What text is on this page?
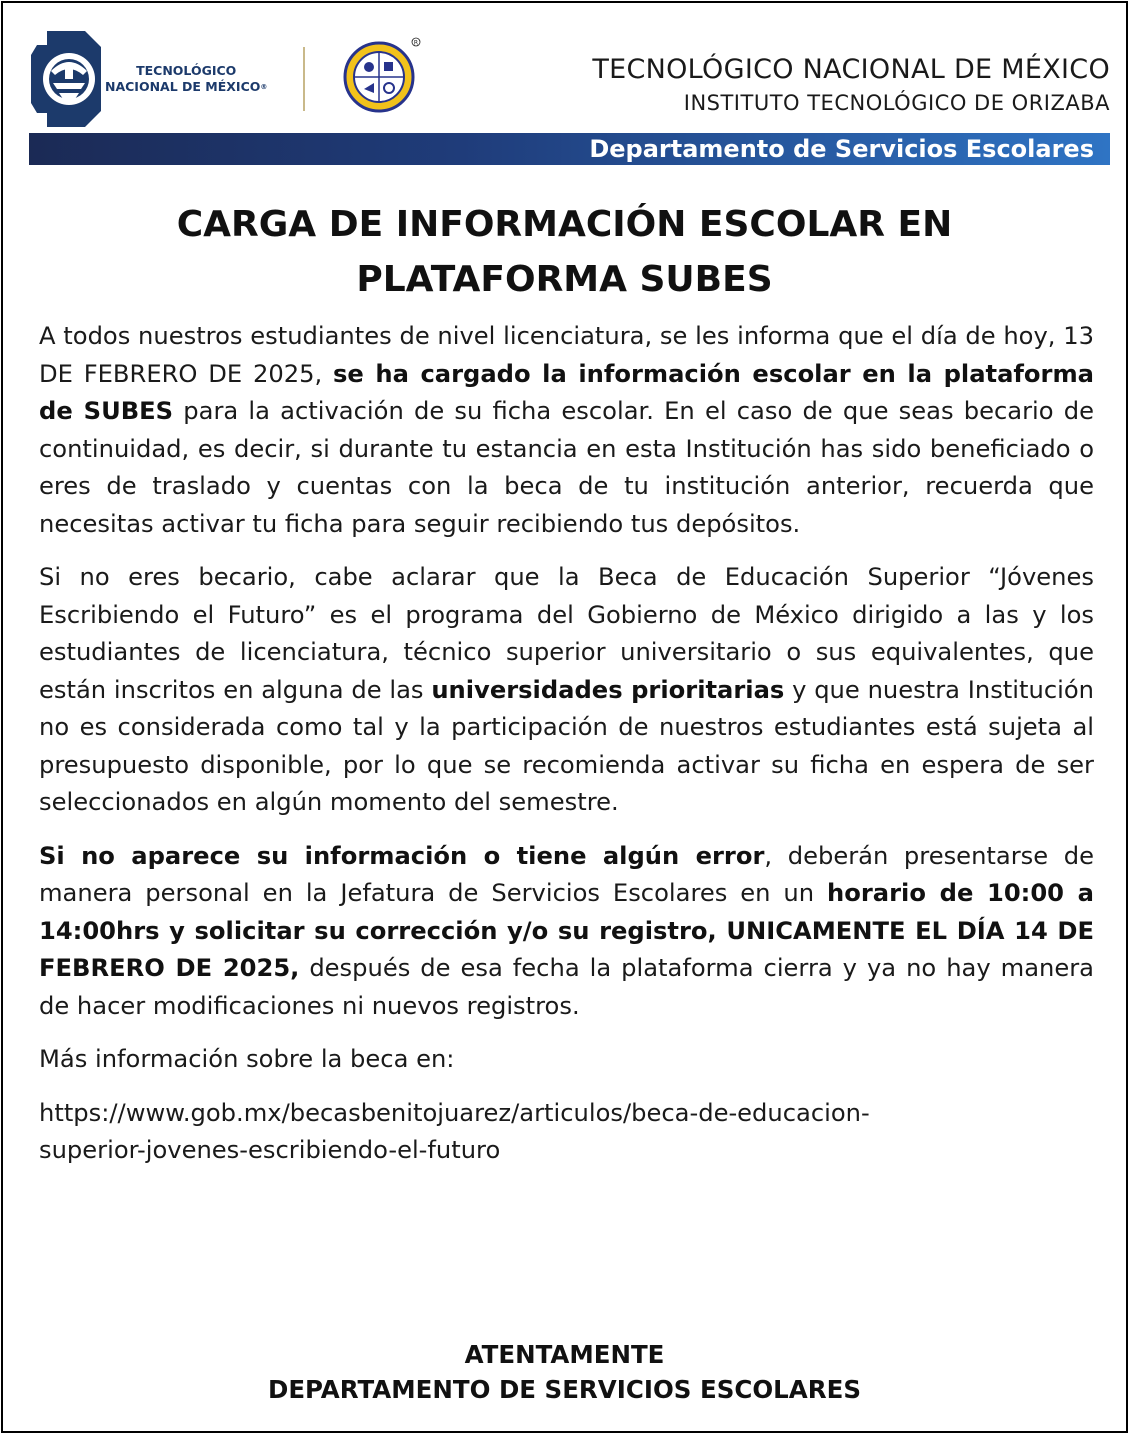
TECNOLÓGICO
NACIONAL DE MÉXICO®
R
TECNOLÓGICO NACIONAL DE MÉXICO
INSTITUTO TECNOLÓGICO DE ORIZABA
Departamento de Servicios Escolares
CARGA DE INFORMACIÓN ESCOLAR EN
PLATAFORMA SUBES

A todos nuestros estudiantes de nivel licenciatura, se les informa que el día de hoy, 13 DE FEBRERO DE 2025, se ha cargado la información escolar en la plataforma de SUBES para la activación de su ficha escolar. En el caso de que seas becario de continuidad, es decir, si durante tu estancia en esta Institución has sido beneficiado o eres de traslado y cuentas con la beca de tu institución anterior, recuerda que necesitas activar tu ficha para seguir recibiendo tus depósitos.

Si no eres becario, cabe aclarar que la Beca de Educación Superior “Jóvenes Escribiendo el Futuro” es el programa del Gobierno de México dirigido a las y los estudiantes de licenciatura, técnico superior universitario o sus equivalentes, que están inscritos en alguna de las universidades prioritarias y que nuestra Institución no es considerada como tal y la participación de nuestros estudiantes está sujeta al presupuesto disponible, por lo que se recomienda activar su ficha en espera de ser seleccionados en algún momento del semestre.

Si no aparece su información o tiene algún error, deberán presentarse de manera personal en la Jefatura de Servicios Escolares en un horario de 10:00 a 14:00hrs y solicitar su corrección y/o su registro, UNICAMENTE EL DÍA 14 DE FEBRERO DE 2025, después de esa fecha la plataforma cierra y ya no hay manera de hacer modificaciones ni nuevos registros.

Más información sobre la beca en:

https://www.gob.mx/becasbenitojuarez/articulos/beca-de-educacion-
superior-jovenes-escribiendo-el-futuro

ATENTAMENTE
DEPARTAMENTO DE SERVICIOS ESCOLARES
